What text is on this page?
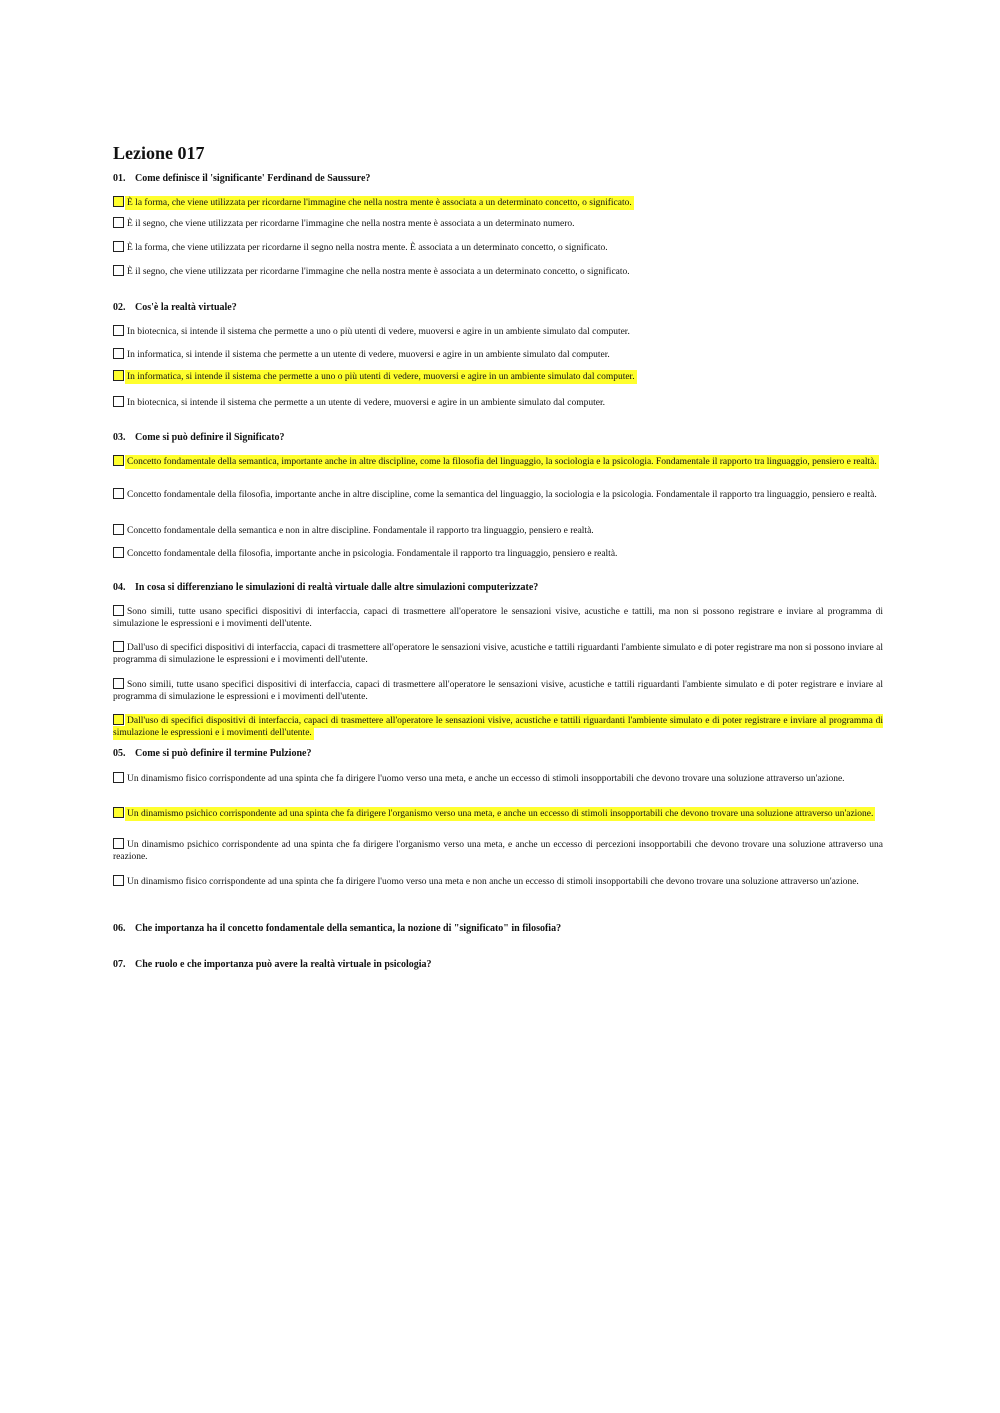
Lezione 017
01. Come definisce il 'significante' Ferdinand de Saussure?
È la forma, che viene utilizzata per ricordarne l'immagine che nella nostra mente è associata a un determinato concetto, o significato.
È il segno, che viene utilizzata per ricordarne l'immagine che nella nostra mente è associata a un determinato numero.
È la forma, che viene utilizzata per ricordarne il segno nella nostra mente. È associata a un determinato concetto, o significato.
È il segno, che viene utilizzata per ricordarne l'immagine che nella nostra mente è associata a un determinato concetto, o significato.
02. Cos'è la realtà virtuale?
In biotecnica, si intende il sistema che permette a uno o più utenti di vedere, muoversi e agire in un ambiente simulato dal computer.
In informatica, si intende il sistema che permette a un utente di vedere, muoversi e agire in un ambiente simulato dal computer.
In informatica, si intende il sistema che permette a uno o più utenti di vedere, muoversi e agire in un ambiente simulato dal computer.
In biotecnica, si intende il sistema che permette a un utente di vedere, muoversi e agire in un ambiente simulato dal computer.
03. Come si può definire il Significato?
Concetto fondamentale della semantica, importante anche in altre discipline, come la filosofia del linguaggio, la sociologia e la psicologia. Fondamentale il rapporto tra linguaggio, pensiero e realtà.
Concetto fondamentale della filosofia, importante anche in altre discipline, come la semantica del linguaggio, la sociologia e la psicologia. Fondamentale il rapporto tra linguaggio, pensiero e realtà.
Concetto fondamentale della semantica e non in altre discipline. Fondamentale il rapporto tra linguaggio, pensiero e realtà.
Concetto fondamentale della filosofia, importante anche in psicologia. Fondamentale il rapporto tra linguaggio, pensiero e realtà.
04. In cosa si differenziano le simulazioni di realtà virtuale dalle altre simulazioni computerizzate?
Sono simili, tutte usano specifici dispositivi di interfaccia, capaci di trasmettere all'operatore le sensazioni visive, acustiche e tattili, ma non si possono registrare e inviare al programma di simulazione le espressioni e i movimenti dell'utente.
Dall'uso di specifici dispositivi di interfaccia, capaci di trasmettere all'operatore le sensazioni visive, acustiche e tattili riguardanti l'ambiente simulato e di poter registrare ma non si possono inviare al programma di simulazione le espressioni e i movimenti dell'utente.
Sono simili, tutte usano specifici dispositivi di interfaccia, capaci di trasmettere all'operatore le sensazioni visive, acustiche e tattili riguardanti l'ambiente simulato e di poter registrare e inviare al programma di simulazione le espressioni e i movimenti dell'utente.
Dall'uso di specifici dispositivi di interfaccia, capaci di trasmettere all'operatore le sensazioni visive, acustiche e tattili riguardanti l'ambiente simulato e di poter registrare e inviare al programma di simulazione le espressioni e i movimenti dell'utente.
05. Come si può definire il termine Pulzione?
Un dinamismo fisico corrispondente ad una spinta che fa dirigere l'uomo verso una meta, e anche un eccesso di stimoli insopportabili che devono trovare una soluzione attraverso un'azione.
Un dinamismo psichico corrispondente ad una spinta che fa dirigere l'organismo verso una meta, e anche un eccesso di stimoli insopportabili che devono trovare una soluzione attraverso un'azione.
Un dinamismo psichico corrispondente ad una spinta che fa dirigere l'organismo verso una meta, e anche un eccesso di percezioni insopportabili che devono trovare una soluzione attraverso una reazione.
Un dinamismo fisico corrispondente ad una spinta che fa dirigere l'uomo verso una meta e non anche un eccesso di stimoli insopportabili che devono trovare una soluzione attraverso un'azione.
06. Che importanza ha il concetto fondamentale della semantica, la nozione di "significato" in filosofia?
07. Che ruolo e che importanza può avere la realtà virtuale in psicologia?
